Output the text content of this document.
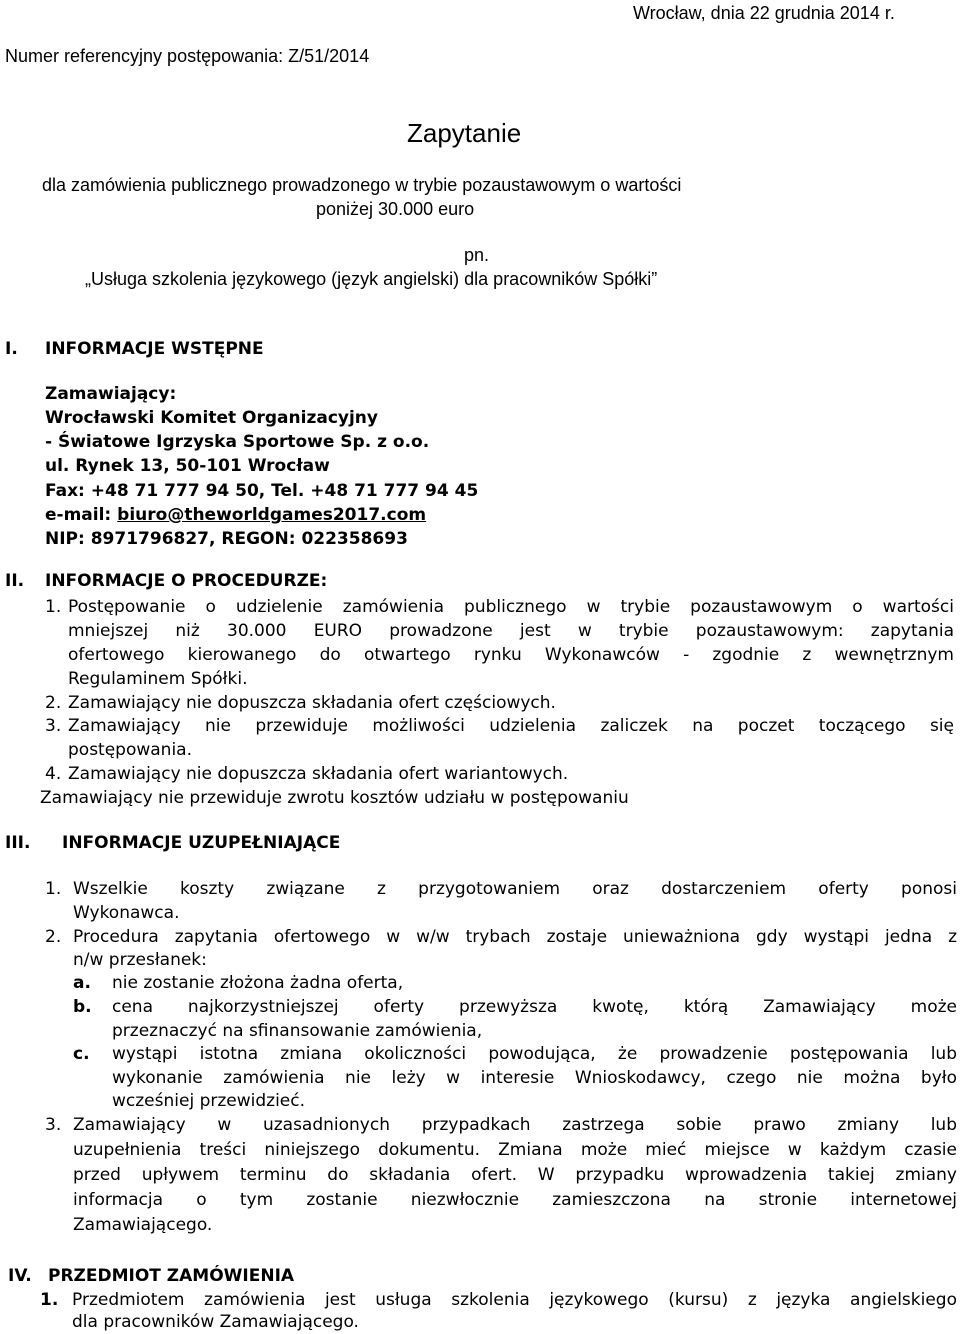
Wrocław, dnia 22 grudnia 2014 r.
Numer referencyjny postępowania: Z/51/2014
Zapytanie
dla zamówienia publicznego prowadzonego w trybie pozaustawowym o wartości
poniżej 30.000 euro
pn.
„Usługa szkolenia językowego (język angielski) dla pracowników Spółki”
I. INFORMACJE WSTĘPNE
Zamawiający:
Wrocławski Komitet Organizacyjny
- Światowe Igrzyska Sportowe Sp. z o.o.
ul. Rynek 13, 50-101 Wrocław
Fax: +48 71 777 94 50, Tel. +48 71 777 94 45
e-mail: biuro@theworldgames2017.com
NIP: 8971796827, REGON: 022358693
II. INFORMACJE O PROCEDURZE:
1. Postępowanie o udzielenie zamówienia publicznego w trybie pozaustawowym o wartości
mniejszej niż 30.000 EURO prowadzone jest w trybie pozaustawowym: zapytania
ofertowego kierowanego do otwartego rynku Wykonawców - zgodnie z wewnętrznym
Regulaminem Spółki.
2. Zamawiający nie dopuszcza składania ofert częściowych.
3. Zamawiający nie przewiduje możliwości udzielenia zaliczek na poczet toczącego się
postępowania.
4. Zamawiający nie dopuszcza składania ofert wariantowych.
Zamawiający nie przewiduje zwrotu kosztów udziału w postępowaniu
III. INFORMACJE UZUPEŁNIAJĄCE
1. Wszelkie koszty związane z przygotowaniem oraz dostarczeniem oferty ponosi
Wykonawca.
2. Procedura zapytania ofertowego w w/w trybach zostaje unieważniona gdy wystąpi jedna z
n/w przesłanek:
a. nie zostanie złożona żadna oferta,
b. cena najkorzystniejszej oferty przewyższa kwotę, którą Zamawiający może
przeznaczyć na sfinansowanie zamówienia,
c. wystąpi istotna zmiana okoliczności powodująca, że prowadzenie postępowania lub
wykonanie zamówienia nie leży w interesie Wnioskodawcy, czego nie można było
wcześniej przewidzieć.
3. Zamawiający w uzasadnionych przypadkach zastrzega sobie prawo zmiany lub
uzupełnienia treści niniejszego dokumentu. Zmiana może mieć miejsce w każdym czasie
przed upływem terminu do składania ofert. W przypadku wprowadzenia takiej zmiany
informacja o tym zostanie niezwłocznie zamieszczona na stronie internetowej
Zamawiającego.
IV. PRZEDMIOT ZAMÓWIENIA
1. Przedmiotem zamówienia jest usługa szkolenia językowego (kursu) z języka angielskiego
dla pracowników Zamawiającego.
